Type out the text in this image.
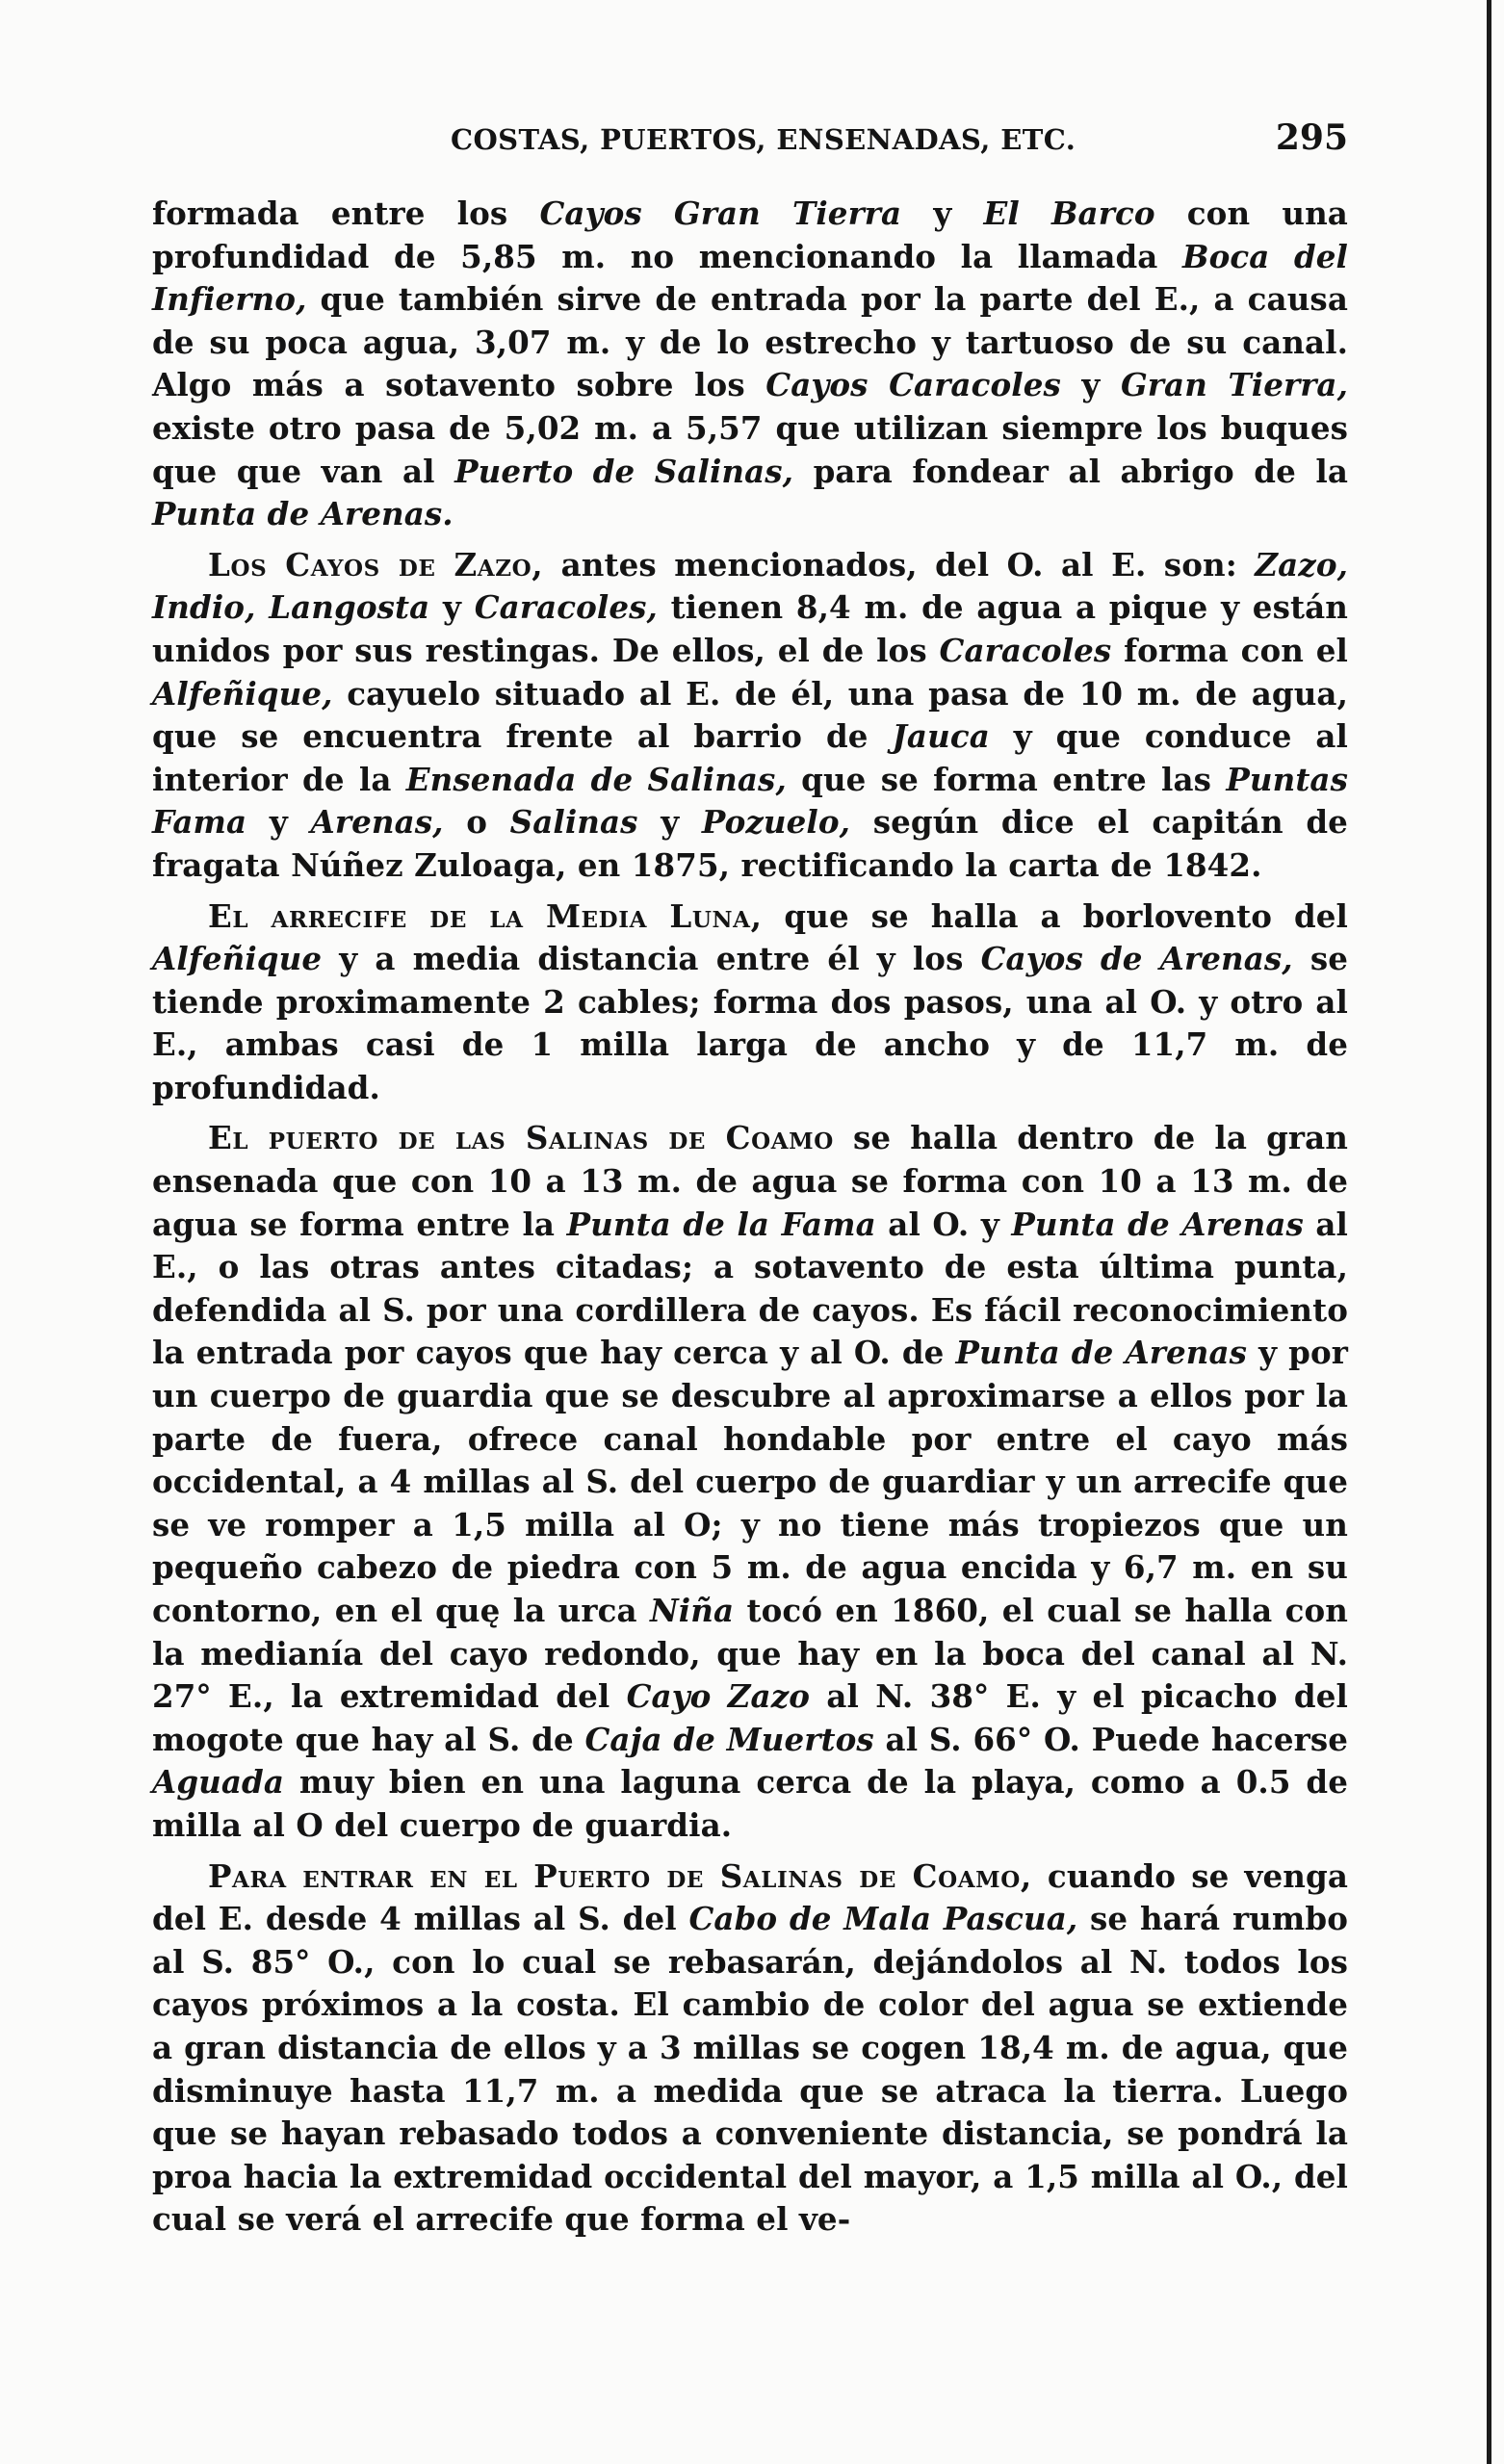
COSTAS, PUERTOS, ENSENADAS, ETC.	295

formada entre los Cayos Gran Tierra y El Barco con una profundidad de 5,85 m. no mencionando la llamada Boca del Infierno, que también sirve de entrada por la parte del E., a causa de su poca agua, 3,07 m. y de lo estrecho y tartuoso de su canal. Algo más a sotavento sobre los Cayos Caracoles y Gran Tierra, existe otro pasa de 5,02 m. a 5,57 que utilizan siempre los buques que que van al Puerto de Salinas, para fondear al abrigo de la Punta de Arenas.

Los Cayos de Zazo, antes mencionados, del O. al E. son: Zazo, Indio, Langosta y Caracoles, tienen 8,4 m. de agua a pique y están unidos por sus restingas. De ellos, el de los Caracoles forma con el Alfeñique, cayuelo situado al E. de él, una pasa de 10 m. de agua, que se encuentra frente al barrio de Jauca y que conduce al interior de la Ensenada de Salinas, que se forma entre las Puntas Fama y Arenas, o Salinas y Pozuelo, según dice el capitán de fragata Núñez Zuloaga, en 1875, rectificando la carta de 1842.

El arrecife de la Media Luna, que se halla a borlovento del Alfeñique y a media distancia entre él y los Cayos de Arenas, se tiende proximamente 2 cables; forma dos pasos, una al O. y otro al E., ambas casi de 1 milla larga de ancho y de 11,7 m. de profundidad.

El puerto de las Salinas de Coamo se halla dentro de la gran ensenada que con 10 a 13 m. de agua se forma con 10 a 13 m. de agua se forma entre la Punta de la Fama al O. y Punta de Arenas al E., o las otras antes citadas; a sotavento de esta última punta, defendida al S. por una cordillera de cayos. Es fácil reconocimiento la entrada por cayos que hay cerca y al O. de Punta de Arenas y por un cuerpo de guardia que se descubre al aproximarse a ellos por la parte de fuera, ofrece canal hondable por entre el cayo más occidental, a 4 millas al S. del cuerpo de guardiar y un arrecife que se ve romper a 1,5 milla al O; y no tiene más tropiezos que un pequeño cabezo de piedra con 5 m. de agua encida y 6,7 m. en su contorno, en el quę la urca Niña tocó en 1860, el cual se halla con la medianía del cayo redondo, que hay en la boca del canal al N. 27° E., la extremidad del Cayo Zazo al N. 38° E. y el picacho del mogote que hay al S. de Caja de Muertos al S. 66° O. Puede hacerse Aguada muy bien en una laguna cerca de la playa, como a 0.5 de milla al O del cuerpo de guardia.

Para entrar en el Puerto de Salinas de Coamo, cuando se venga del E. desde 4 millas al S. del Cabo de Mala Pascua, se hará rumbo al S. 85° O., con lo cual se rebasarán, dejándolos al N. todos los cayos próximos a la costa. El cambio de color del agua se extiende a gran distancia de ellos y a 3 millas se cogen 18,4 m. de agua, que disminuye hasta 11,7 m. a medida que se atraca la tierra. Luego que se hayan rebasado todos a conveniente distancia, se pondrá la proa hacia la extremidad occidental del mayor, a 1,5 milla al O., del cual se verá el arrecife que forma el ve-
